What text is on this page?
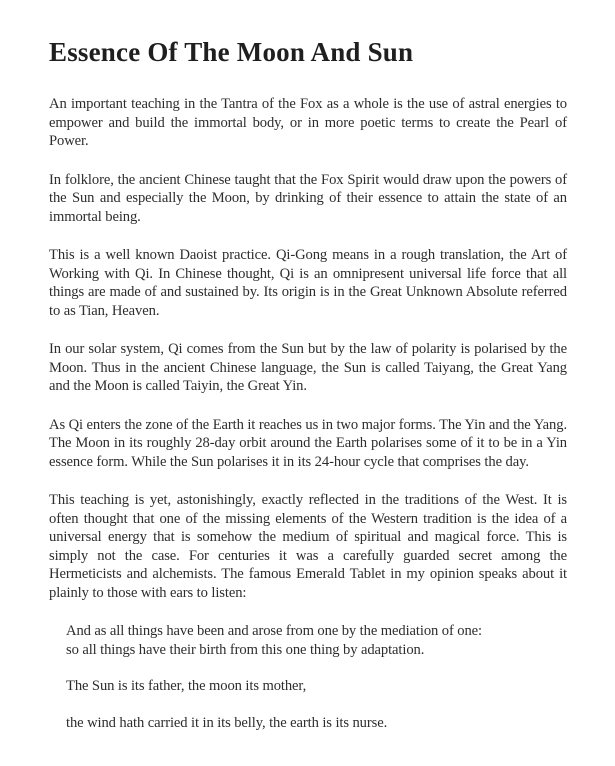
Essence Of The Moon And Sun

An important teaching in the Tantra of the Fox as a whole is the use of astral energies to empower and build the immortal body, or in more poetic terms to create the Pearl of Power.

In folklore, the ancient Chinese taught that the Fox Spirit would draw upon the powers of the Sun and especially the Moon, by drinking of their essence to attain the state of an immortal being.

This is a well known Daoist practice. Qi-Gong means in a rough translation, the Art of Working with Qi. In Chinese thought, Qi is an omnipresent universal life force that all things are made of and sustained by. Its origin is in the Great Unknown Absolute referred to as Tian, Heaven.

In our solar system, Qi comes from the Sun but by the law of polarity is polarised by the Moon. Thus in the ancient Chinese language, the Sun is called Taiyang, the Great Yang and the Moon is called Taiyin, the Great Yin.

As Qi enters the zone of the Earth it reaches us in two major forms. The Yin and the Yang. The Moon in its roughly 28-day orbit around the Earth polarises some of it to be in a Yin essence form. While the Sun polarises it in its 24-hour cycle that comprises the day.

This teaching is yet, astonishingly, exactly reflected in the traditions of the West. It is often thought that one of the missing elements of the Western tradition is the idea of a universal energy that is somehow the medium of spiritual and magical force. This is simply not the case. For centuries it was a carefully guarded secret among the Hermeticists and alchemists. The famous Emerald Tablet in my opinion speaks about it plainly to those with ears to listen:

And as all things have been and arose from one by the mediation of one:
so all things have their birth from this one thing by adaptation.
The Sun is its father, the moon its mother,
the wind hath carried it in its belly, the earth is its nurse.
